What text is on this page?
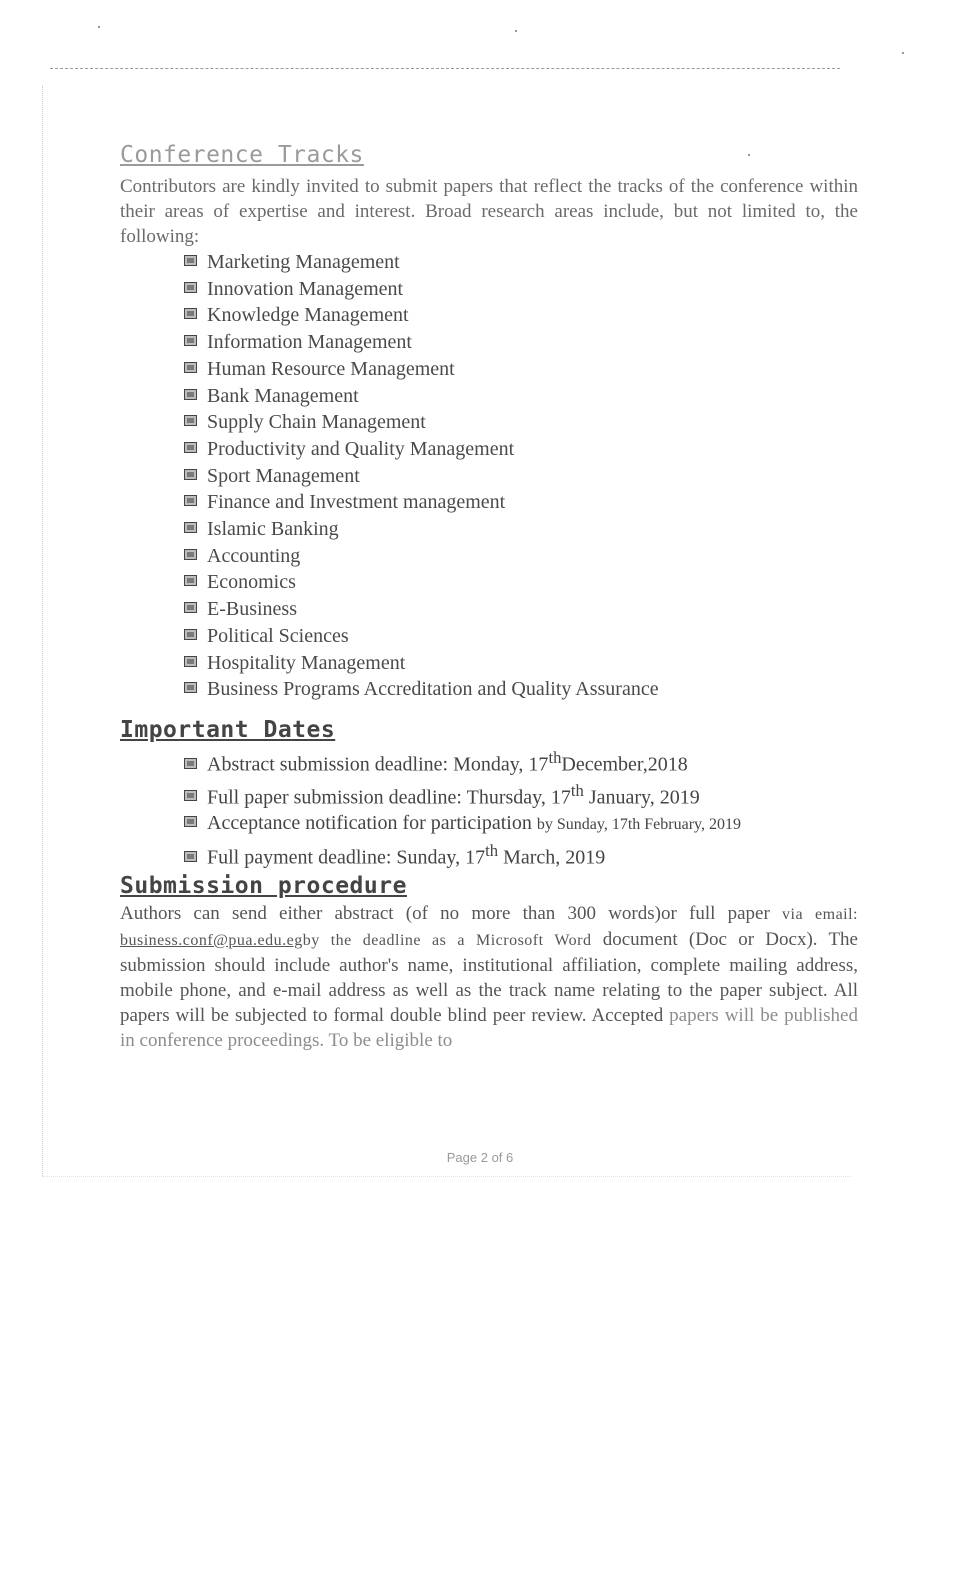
Conference Tracks

Contributors are kindly invited to submit papers that reflect the tracks of the conference within their areas of expertise and interest. Broad research areas include, but not limited to, the following:

Marketing Management
Innovation Management
Knowledge Management
Information Management
Human Resource Management
Bank Management
Supply Chain Management
Productivity and Quality Management
Sport Management
Finance and Investment management
Islamic Banking
Accounting
Economics
E-Business
Political Sciences
Hospitality Management
Business Programs Accreditation and Quality Assurance
Important Dates
Abstract submission deadline: Monday, 17thDecember,2018
Full paper submission deadline: Thursday, 17th January, 2019
Acceptance notification for participation by Sunday, 17th February, 2019
Full payment deadline: Sunday, 17th March, 2019
Submission procedure

Authors can send either abstract (of no more than 300 words)or full paper via email: business.conf@pua.edu.egby the deadline as a Microsoft Word document (Doc or Docx). The submission should include author's name, institutional affiliation, complete mailing address, mobile phone, and e-mail address as well as the track name relating to the paper subject. All papers will be subjected to formal double blind peer review. Accepted papers will be published in conference proceedings. To be eligible to

Page 2 of 6
